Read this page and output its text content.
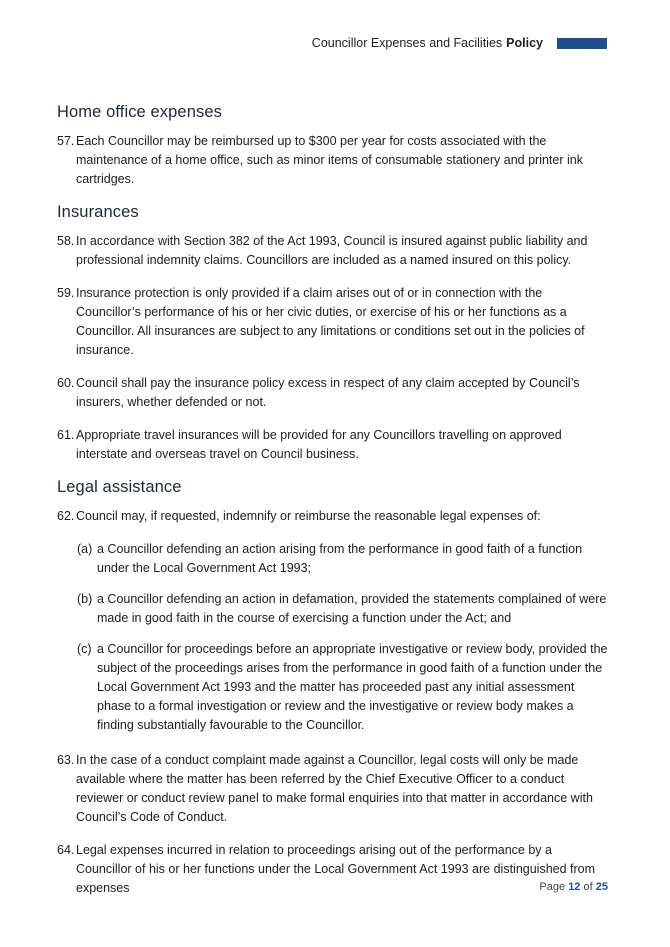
Councillor Expenses and Facilities Policy
Home office expenses
57. Each Councillor may be reimbursed up to $300 per year for costs associated with the maintenance of a home office, such as minor items of consumable stationery and printer ink cartridges.
Insurances
58. In accordance with Section 382 of the Act 1993, Council is insured against public liability and professional indemnity claims. Councillors are included as a named insured on this policy.
59. Insurance protection is only provided if a claim arises out of or in connection with the Councillor’s performance of his or her civic duties, or exercise of his or her functions as a Councillor. All insurances are subject to any limitations or conditions set out in the policies of insurance.
60. Council shall pay the insurance policy excess in respect of any claim accepted by Council’s insurers, whether defended or not.
61. Appropriate travel insurances will be provided for any Councillors travelling on approved interstate and overseas travel on Council business.
Legal assistance
62. Council may, if requested, indemnify or reimburse the reasonable legal expenses of:
(a) a Councillor defending an action arising from the performance in good faith of a function under the Local Government Act 1993;
(b) a Councillor defending an action in defamation, provided the statements complained of were made in good faith in the course of exercising a function under the Act; and
(c) a Councillor for proceedings before an appropriate investigative or review body, provided the subject of the proceedings arises from the performance in good faith of a function under the Local Government Act 1993 and the matter has proceeded past any initial assessment phase to a formal investigation or review and the investigative or review body makes a finding substantially favourable to the Councillor.
63. In the case of a conduct complaint made against a Councillor, legal costs will only be made available where the matter has been referred by the Chief Executive Officer to a conduct reviewer or conduct review panel to make formal enquiries into that matter in accordance with Council’s Code of Conduct.
64. Legal expenses incurred in relation to proceedings arising out of the performance by a Councillor of his or her functions under the Local Government Act 1993 are distinguished from expenses	Page 12 of 25
